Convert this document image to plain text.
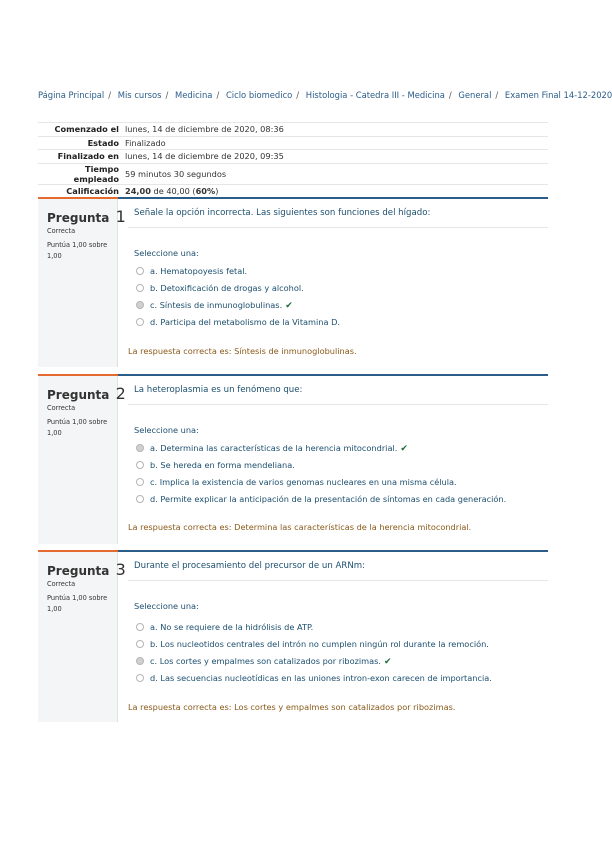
Página Principal / Mis cursos / Medicina / Ciclo biomedico / Histologia - Catedra III - Medicina / General / Examen Final 14-12-2020
Comenzado el	lunes, 14 de diciembre de 2020, 08:36
Estado	Finalizado
Finalizado en	lunes, 14 de diciembre de 2020, 09:35
Tiempo empleado	59 minutos 30 segundos
Calificación	24,00 de 40,00 (60%)
Pregunta 1
Correcta
Puntúa 1,00 sobre 1,00
Señale la opción incorrecta. Las siguientes son funciones del hígado:
Seleccione una:
a. Hematopoyesis fetal.
b. Detoxificación de drogas y alcohol.
c. Síntesis de inmunoglobulinas. ✔
d. Participa del metabolismo de la Vitamina D.
La respuesta correcta es: Síntesis de inmunoglobulinas.
Pregunta 2
Correcta
Puntúa 1,00 sobre 1,00
La heteroplasmia es un fenómeno que:
Seleccione una:
a. Determina las características de la herencia mitocondrial. ✔
b. Se hereda en forma mendeliana.
c. Implica la existencia de varios genomas nucleares en una misma célula.
d. Permite explicar la anticipación de la presentación de síntomas en cada generación.
La respuesta correcta es: Determina las características de la herencia mitocondrial.
Pregunta 3
Correcta
Puntúa 1,00 sobre 1,00
Durante el procesamiento del precursor de un ARNm:
Seleccione una:
a. No se requiere de la hidrólisis de ATP.
b. Los nucleotidos centrales del intrón no cumplen ningún rol durante la remoción.
c. Los cortes y empalmes son catalizados por ribozimas. ✔
d. Las secuencias nucleotídicas en las uniones intron-exon carecen de importancia.
La respuesta correcta es: Los cortes y empalmes son catalizados por ribozimas.
